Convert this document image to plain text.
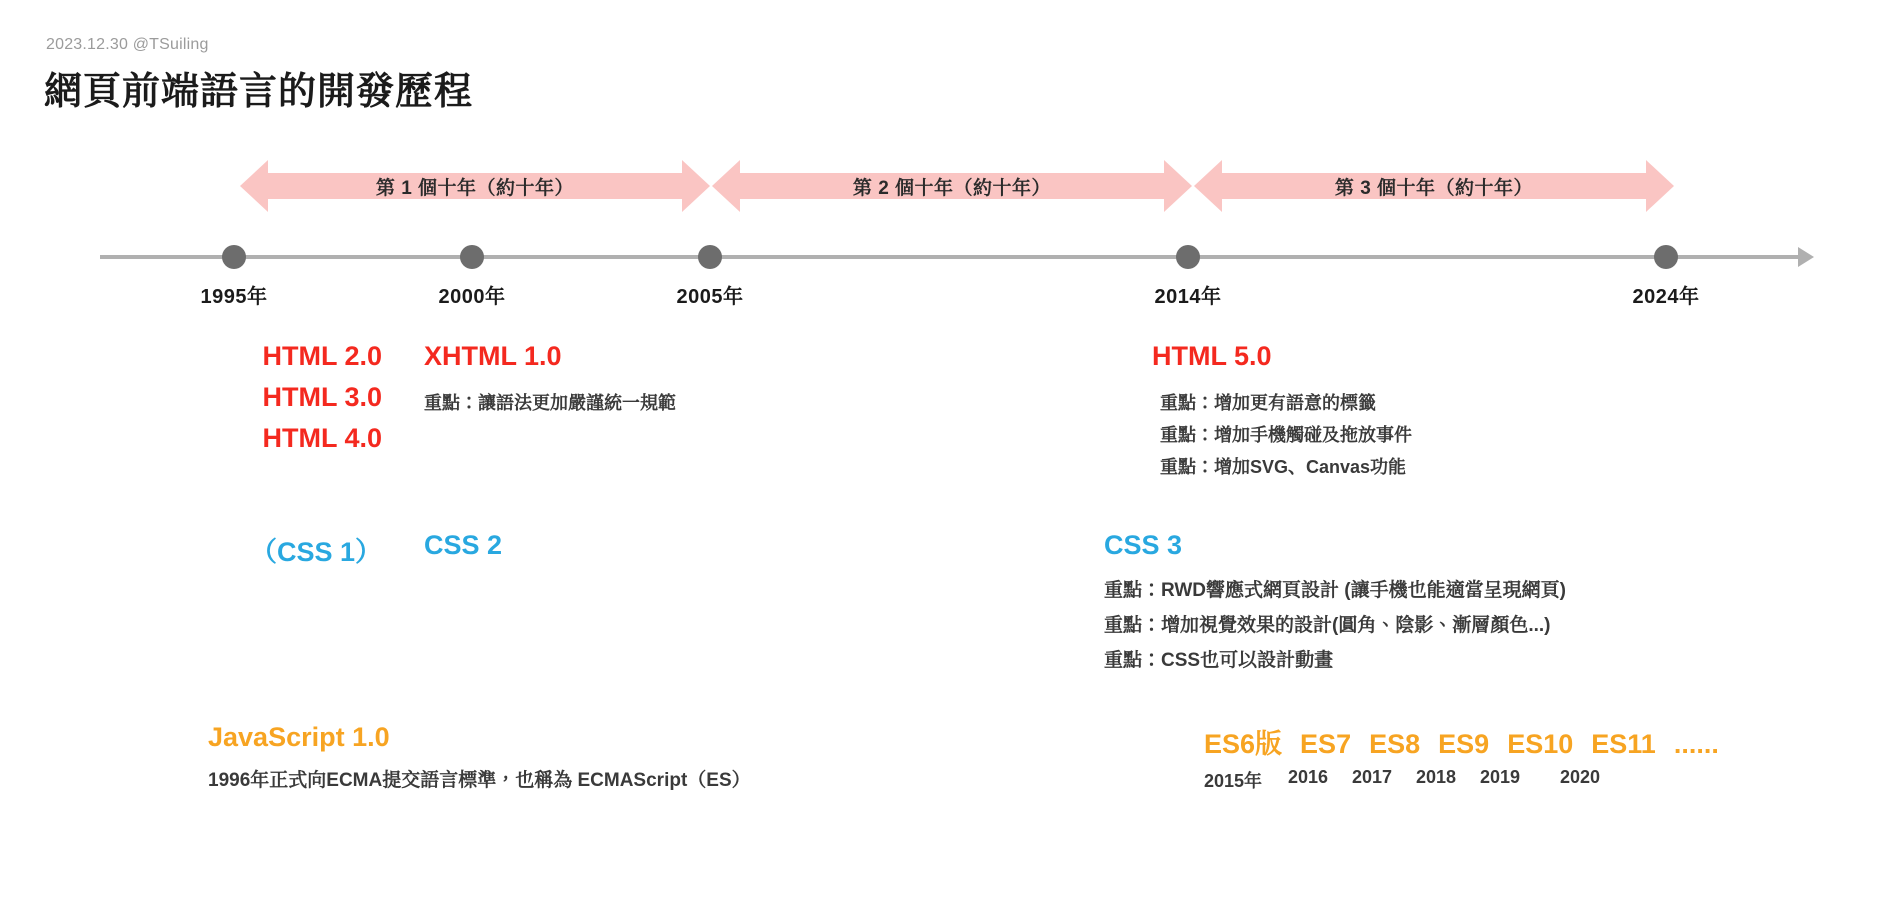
2023.12.30 @TSuiling
網頁前端語言的開發歷程
第 1 個十年（約十年）	第 2 個十年（約十年）	第 3 個十年（約十年）
1995年	2000年	2005年	2014年	2024年
HTML 2.0
HTML 3.0
HTML 4.0
XHTML 1.0
重點：讓語法更加嚴謹統一規範
HTML 5.0
重點：增加更有語意的標籤
重點：增加手機觸碰及拖放事件
重點：增加SVG、Canvas功能
（CSS 1） CSS 2	CSS 3
重點：RWD響應式網頁設計 (讓手機也能適當呈現網頁)
重點：增加視覺效果的設計(圓角、陰影、漸層顏色...)
重點：CSS也可以設計動畫
JavaScript 1.0
1996年正式向ECMA提交語言標準，也稱為 ECMAScript（ES）
ES6版 ES7 ES8 ES9 ES10 ES11 ......
2015年	2016	2017	2018	2019	2020
